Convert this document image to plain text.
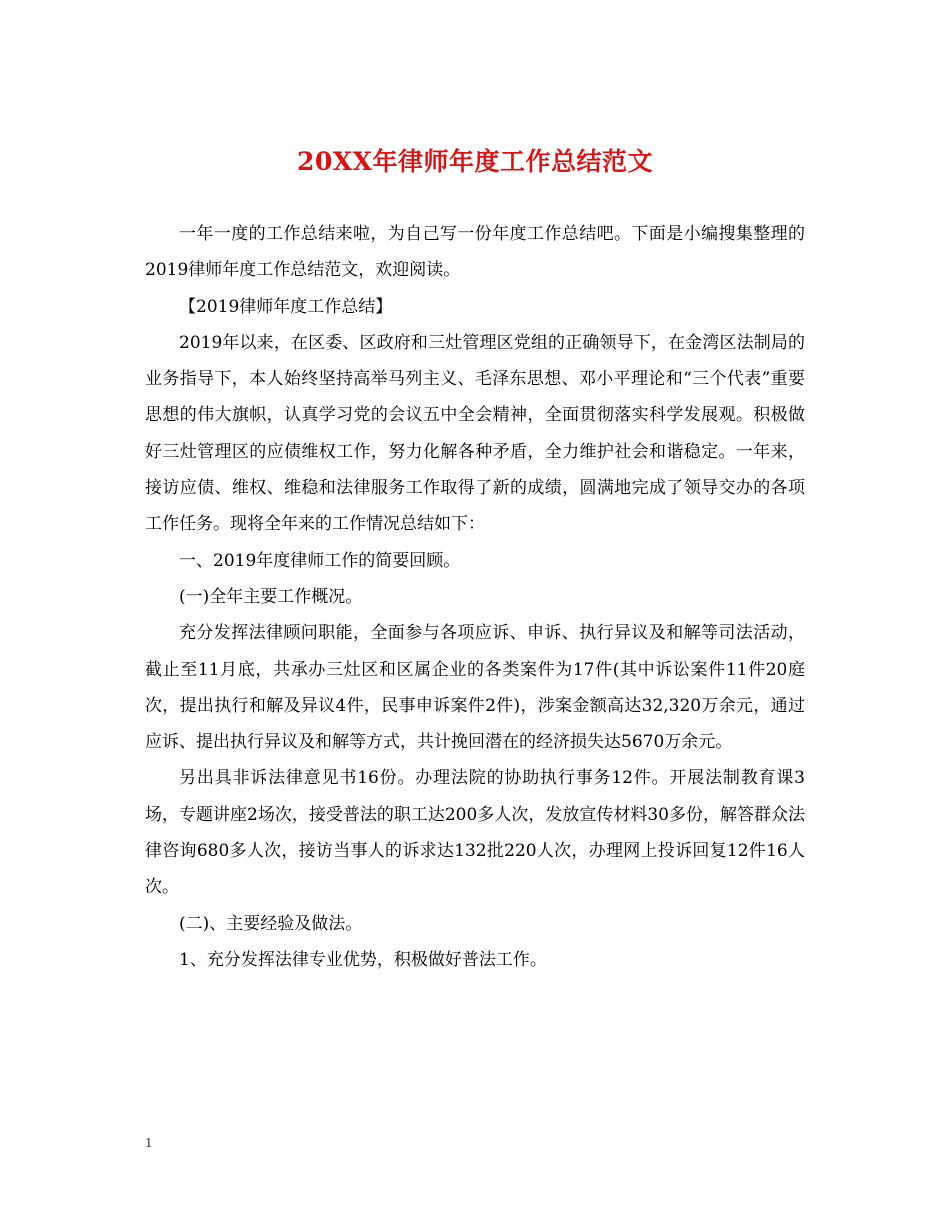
20XX年律师年度工作总结范文

一年一度的工作总结来啦，为自己写一份年度工作总结吧。下面是小编搜集整理的2019律师年度工作总结范文，欢迎阅读。

【2019律师年度工作总结】

2019年以来，在区委、区政府和三灶管理区党组的正确领导下，在金湾区法制局的业务指导下，本人始终坚持高举马列主义、毛泽东思想、邓小平理论和“三个代表”重要思想的伟大旗帜，认真学习党的会议五中全会精神，全面贯彻落实科学发展观。积极做好三灶管理区的应债维权工作，努力化解各种矛盾，全力维护社会和谐稳定。一年来，接访应债、维权、维稳和法律服务工作取得了新的成绩，圆满地完成了领导交办的各项工作任务。现将全年来的工作情况总结如下：

一、2019年度律师工作的简要回顾。

(一)全年主要工作概况。

充分发挥法律顾问职能，全面参与各项应诉、申诉、执行异议及和解等司法活动，截止至11月底，共承办三灶区和区属企业的各类案件为17件(其中诉讼案件11件20庭次，提出执行和解及异议4件，民事申诉案件2件)，涉案金额高达32,320万余元，通过应诉、提出执行异议及和解等方式，共计挽回潜在的经济损失达5670万余元。

另出具非诉法律意见书16份。办理法院的协助执行事务12件。开展法制教育课3场，专题讲座2场次，接受普法的职工达200多人次，发放宣传材料30多份，解答群众法律咨询680多人次，接访当事人的诉求达132批220人次，办理网上投诉回复12件16人次。

(二)、主要经验及做法。

1、充分发挥法律专业优势，积极做好普法工作。

1
